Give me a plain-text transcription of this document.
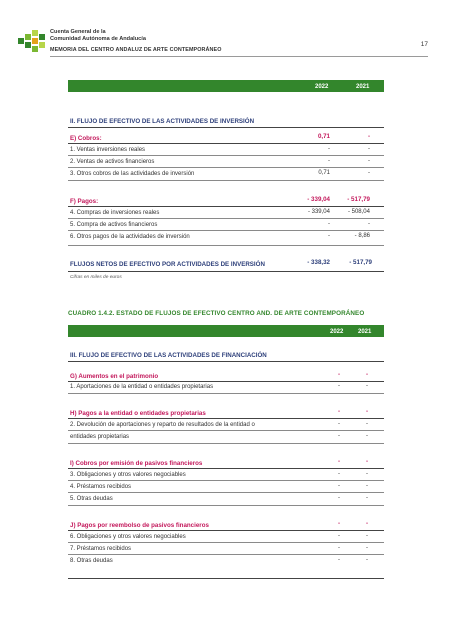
Cuenta General de la
Comunidad Autónoma de Andalucía
MEMORIA DEL CENTRO ANDALUZ DE ARTE CONTEMPORÁNEO
17
2022	2021
II. FLUJO DE EFECTIVO DE LAS ACTIVIDADES DE INVERSIÓN
E) Cobros:	0,71	-
1. Ventas inversiones reales	-	-
2. Ventas de activos financieros	-	-
3. Otros cobros de las actividades de inversión	0,71	-
F) Pagos:	- 339,04	- 517,79
4. Compras de inversiones reales	- 339,04	- 508,04
5. Compra de activos financieros	-	-
6. Otros pagos de la actividades de inversión	-	- 8,86
FLUJOS NETOS DE EFECTIVO POR ACTIVIDADES DE INVERSIÓN	- 338,32	- 517,79
Cifras en miles de euros
CUADRO 1.4.2. ESTADO DE FLUJOS DE EFECTIVO CENTRO AND. DE ARTE CONTEMPORÁNEO
2022 2021
III. FLUJO DE EFECTIVO DE LAS ACTIVIDADES DE FINANCIACIÓN
G) Aumentos en el patrimonio	-	-
1. Aportaciones de la entidad o entidades propietarias	-	-
H) Pagos a la entidad o entidades propietarias	-	-
2. Devolución de aportaciones y reparto de resultados de la entidad o	-	-
entidades propietarias	-	-
I) Cobros por emisión de pasivos financieros	-	-
3. Obligaciones y otros valores negociables	-	-
4. Préstamos recibidos	-	-
5. Otras deudas	-	-
J) Pagos por reembolso de pasivos financieros	-	-
6. Obligaciones y otros valores negociables	-	-
7. Préstamos recibidos	-	-
8. Otras deudas	-	-
